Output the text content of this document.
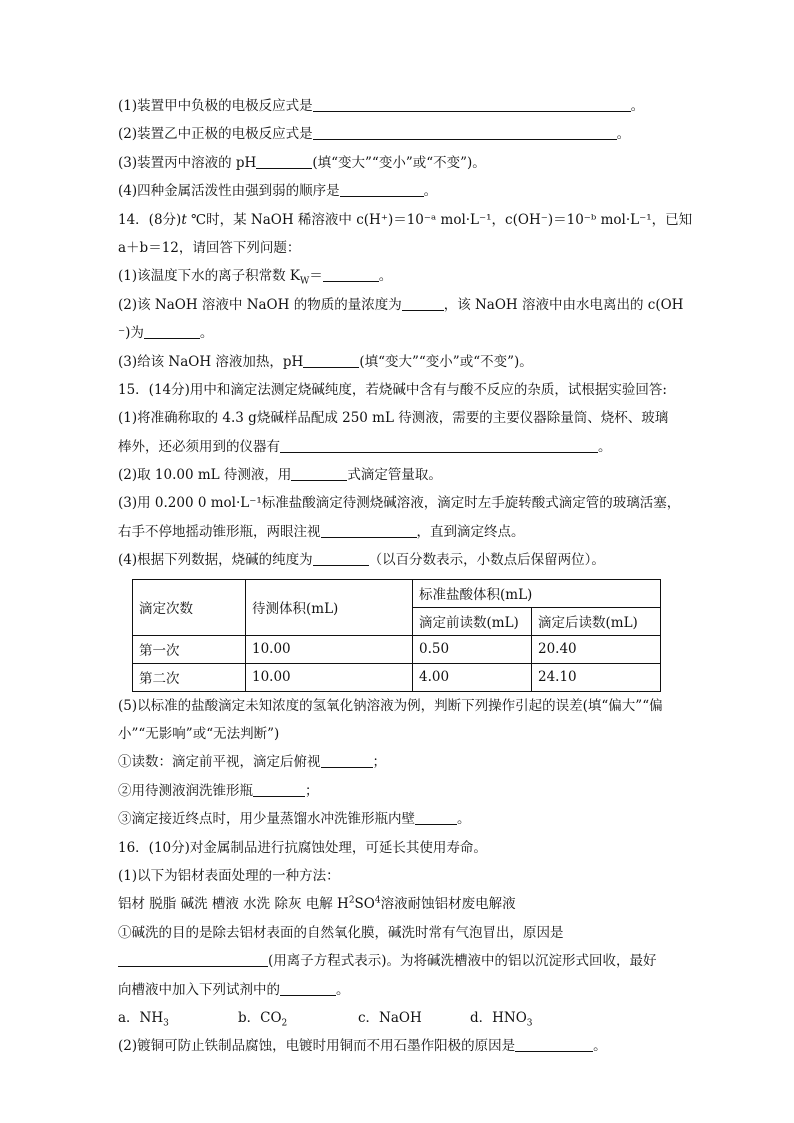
(1)装置甲中负极的电极反应式是	。
(2)装置乙中正极的电极反应式是	。
(3)装置丙中溶液的 pH	(填“变大”“变小”或“不变”)。
(4)四种金属活泼性由强到弱的顺序是	。
14．(8分)t ℃时，某 NaOH 稀溶液中 c(H⁺)＝10⁻ᵃ mol·L⁻¹，c(OH⁻)＝10⁻ᵇ mol·L⁻¹，已知
a＋b＝12，请回答下列问题：
(1)该温度下水的离子积常数 $K_W=$	。
(2)该 NaOH 溶液中 NaOH 的物质的量浓度为	，该 NaOH 溶液中由水电离出的 c(OH
⁻)为	。
(3)给该 NaOH 溶液加热，pH	(填“变大”“变小”或“不变”)。
15．(14分)用中和滴定法测定烧碱纯度，若烧碱中含有与酸不反应的杂质，试根据实验回答:
(1)将准确称取的 4.3 g烧碱样品配成 250 mL 待测液，需要的主要仪器除量筒、烧杯、玻璃
棒外，还必须用到的仪器有	。
(2)取 10.00 mL 待测液，用	式滴定管量取。
(3)用 0.200 0 mol·L⁻¹标准盐酸滴定待测烧碱溶液，滴定时左手旋转酸式滴定管的玻璃活塞，
右手不停地摇动锥形瓶，两眼注视	，直到滴定终点。
(4)根据下列数据，烧碱的纯度为	（以百分数表示，小数点后保留两位）。
滴定次数	待测体积(mL)	标准盐酸体积(mL)	
		滴定前读数(mL)	滴定后读数(mL)
第一次	10.00	0.50	20.40
第二次	10.00	4.00	24.10
(5)以标准的盐酸滴定未知浓度的氢氧化钠溶液为例，判断下列操作引起的误差(填“偏大”“偏
小”“无影响”或“无法判断”)
①读数：滴定前平视，滴定后俯视	；
②用待测液润洗锥形瓶	；
③滴定接近终点时，用少量蒸馏水冲洗锥形瓶内壁	。
16．(10分)对金属制品进行抗腐蚀处理，可延长其使用寿命。
(1)以下为铝材表面处理的一种方法：
铝材 脱脂 碱洗 槽液 水洗 除灰 电解 $H^2SO^4$溶液耐蚀铝材废电解液
①碱洗的目的是除去铝材表面的自然氧化膜，碱洗时常有气泡冒出，原因是
(用离子方程式表示)。为将碱洗槽液中的铝以沉淀形式回收，最好
向槽液中加入下列试剂中的	。
a．$NH_3$	b．$CO_2$	c．NaOH	d．$HNO_3$
(2)镀铜可防止铁制品腐蚀，电镀时用铜而不用石墨作阳极的原因是	。
